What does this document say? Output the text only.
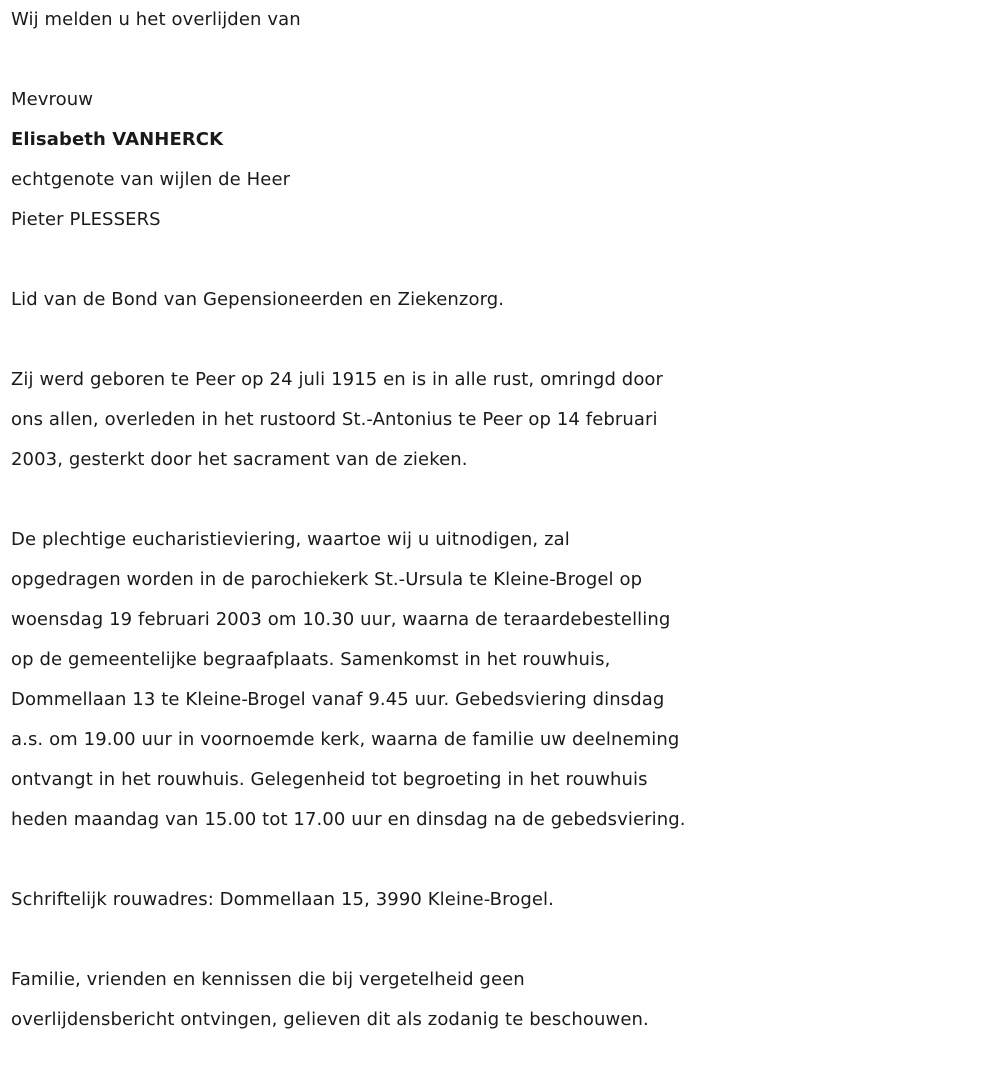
Wij melden u het overlijden van
Mevrouw
Elisabeth VANHERCK
echtgenote van wijlen de Heer
Pieter PLESSERS
Lid van de Bond van Gepensioneerden en Ziekenzorg.
Zij werd geboren te Peer op 24 juli 1915 en is in alle rust, omringd door
ons allen, overleden in het rustoord St.-Antonius te Peer op 14 februari
2003, gesterkt door het sacrament van de zieken.
De plechtige eucharistieviering, waartoe wij u uitnodigen, zal
opgedragen worden in de parochiekerk St.-Ursula te Kleine-Brogel op
woensdag 19 februari 2003 om 10.30 uur, waarna de teraardebestelling
op de gemeentelijke begraafplaats. Samenkomst in het rouwhuis,
Dommellaan 13 te Kleine-Brogel vanaf 9.45 uur. Gebedsviering dinsdag
a.s. om 19.00 uur in voornoemde kerk, waarna de familie uw deelneming
ontvangt in het rouwhuis. Gelegenheid tot begroeting in het rouwhuis
heden maandag van 15.00 tot 17.00 uur en dinsdag na de gebedsviering.
Schriftelijk rouwadres: Dommellaan 15, 3990 Kleine-Brogel.
Familie, vrienden en kennissen die bij vergetelheid geen
overlijdensbericht ontvingen, gelieven dit als zodanig te beschouwen.
